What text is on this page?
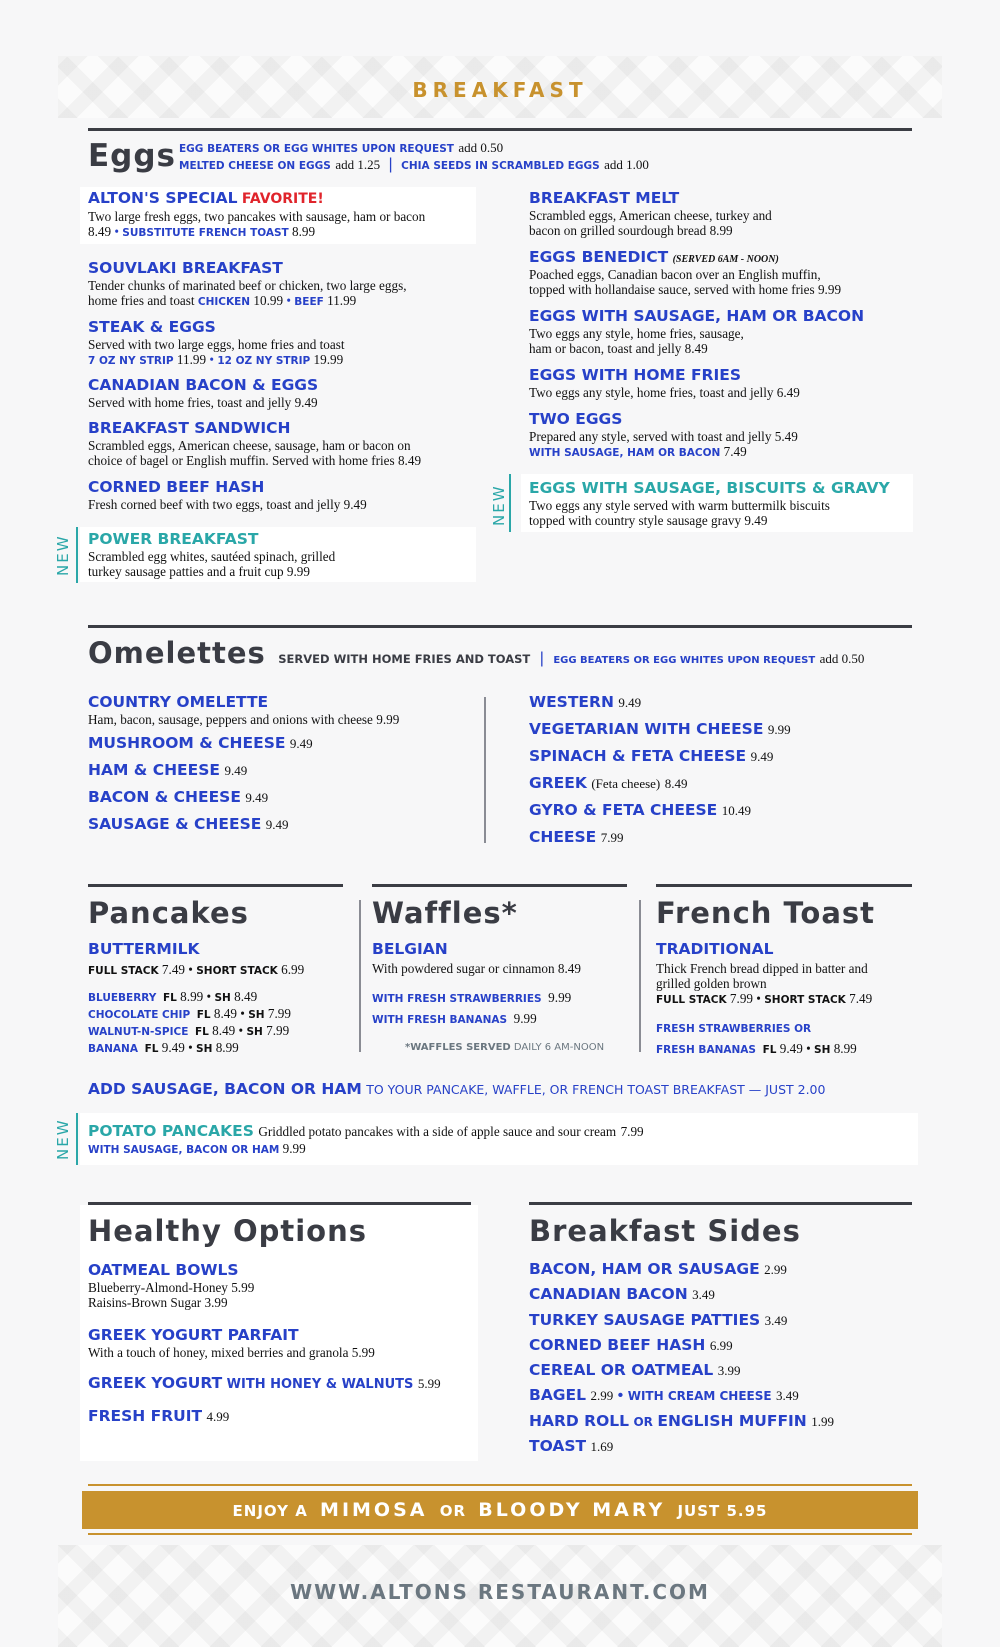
BREAKFAST
Eggs EGG BEATERS OR EGG WHITES UPON REQUEST add 0.50
MELTED CHEESE ON EGGS add 1.25 | CHIA SEEDS IN SCRAMBLED EGGS add 1.00
ALTON'S SPECIAL FAVORITE!
Two large fresh eggs, two pancakes with sausage, ham or bacon
8.49 • SUBSTITUTE FRENCH TOAST 8.99
SOUVLAKI BREAKFAST
Tender chunks of marinated beef or chicken, two large eggs,
home fries and toast CHICKEN 10.99 • BEEF 11.99
STEAK & EGGS
Served with two large eggs, home fries and toast
7 OZ NY STRIP 11.99 • 12 OZ NY STRIP 19.99
CANADIAN BACON & EGGS
Served with home fries, toast and jelly 9.49
BREAKFAST SANDWICH
Scrambled eggs, American cheese, sausage, ham or bacon on
choice of bagel or English muffin. Served with home fries 8.49
CORNED BEEF HASH
Fresh corned beef with two eggs, toast and jelly 9.49
NEW POWER BREAKFAST
Scrambled egg whites, sautéed spinach, grilled
turkey sausage patties and a fruit cup 9.99
BREAKFAST MELT
Scrambled eggs, American cheese, turkey and
bacon on grilled sourdough bread 8.99
EGGS BENEDICT (SERVED 6AM - NOON)
Poached eggs, Canadian bacon over an English muffin,
topped with hollandaise sauce, served with home fries 9.99
EGGS WITH SAUSAGE, HAM OR BACON
Two eggs any style, home fries, sausage,
ham or bacon, toast and jelly 8.49
EGGS WITH HOME FRIES
Two eggs any style, home fries, toast and jelly 6.49
TWO EGGS
Prepared any style, served with toast and jelly 5.49
WITH SAUSAGE, HAM OR BACON 7.49
NEW EGGS WITH SAUSAGE, BISCUITS & GRAVY
Two eggs any style served with warm buttermilk biscuits
topped with country style sausage gravy 9.49
Omelettes SERVED WITH HOME FRIES AND TOAST | EGG BEATERS OR EGG WHITES UPON REQUEST add 0.50
COUNTRY OMELETTE
Ham, bacon, sausage, peppers and onions with cheese 9.99
MUSHROOM & CHEESE 9.49
HAM & CHEESE 9.49
BACON & CHEESE 9.49
SAUSAGE & CHEESE 9.49
WESTERN 9.49
VEGETARIAN WITH CHEESE 9.99
SPINACH & FETA CHEESE 9.49
GREEK (Feta cheese) 8.49
GYRO & FETA CHEESE 10.49
CHEESE 7.99
Pancakes
BUTTERMILK
FULL STACK 7.49 • SHORT STACK 6.99
BLUEBERRY FL 8.99 • SH 8.49
CHOCOLATE CHIP FL 8.49 • SH 7.99
WALNUT-N-SPICE FL 8.49 • SH 7.99
BANANA FL 9.49 • SH 8.99
Waffles*
BELGIAN
With powdered sugar or cinnamon 8.49
WITH FRESH STRAWBERRIES 9.99
WITH FRESH BANANAS 9.99
*WAFFLES SERVED DAILY 6 AM-NOON
French Toast
TRADITIONAL
Thick French bread dipped in batter and
grilled golden brown
FULL STACK 7.99 • SHORT STACK 7.49
FRESH STRAWBERRIES OR
FRESH BANANAS FL 9.49 • SH 8.99
ADD SAUSAGE, BACON OR HAM TO YOUR PANCAKE, WAFFLE, OR FRENCH TOAST BREAKFAST — JUST 2.00
NEW POTATO PANCAKES Griddled potato pancakes with a side of apple sauce and sour cream 7.99
WITH SAUSAGE, BACON OR HAM 9.99
Healthy Options
OATMEAL BOWLS
Blueberry-Almond-Honey 5.99
Raisins-Brown Sugar 3.99
GREEK YOGURT PARFAIT
With a touch of honey, mixed berries and granola 5.99
GREEK YOGURT WITH HONEY & WALNUTS 5.99
FRESH FRUIT 4.99
Breakfast Sides
BACON, HAM OR SAUSAGE 2.99
CANADIAN BACON 3.49
TURKEY SAUSAGE PATTIES 3.49
CORNED BEEF HASH 6.99
CEREAL OR OATMEAL 3.99
BAGEL 2.99 • WITH CREAM CHEESE 3.49
HARD ROLL OR ENGLISH MUFFIN 1.99
TOAST 1.69
ENJOY A MIMOSA OR BLOODY MARY JUST 5.95
WWW.ALTONS RESTAURANT.COM
